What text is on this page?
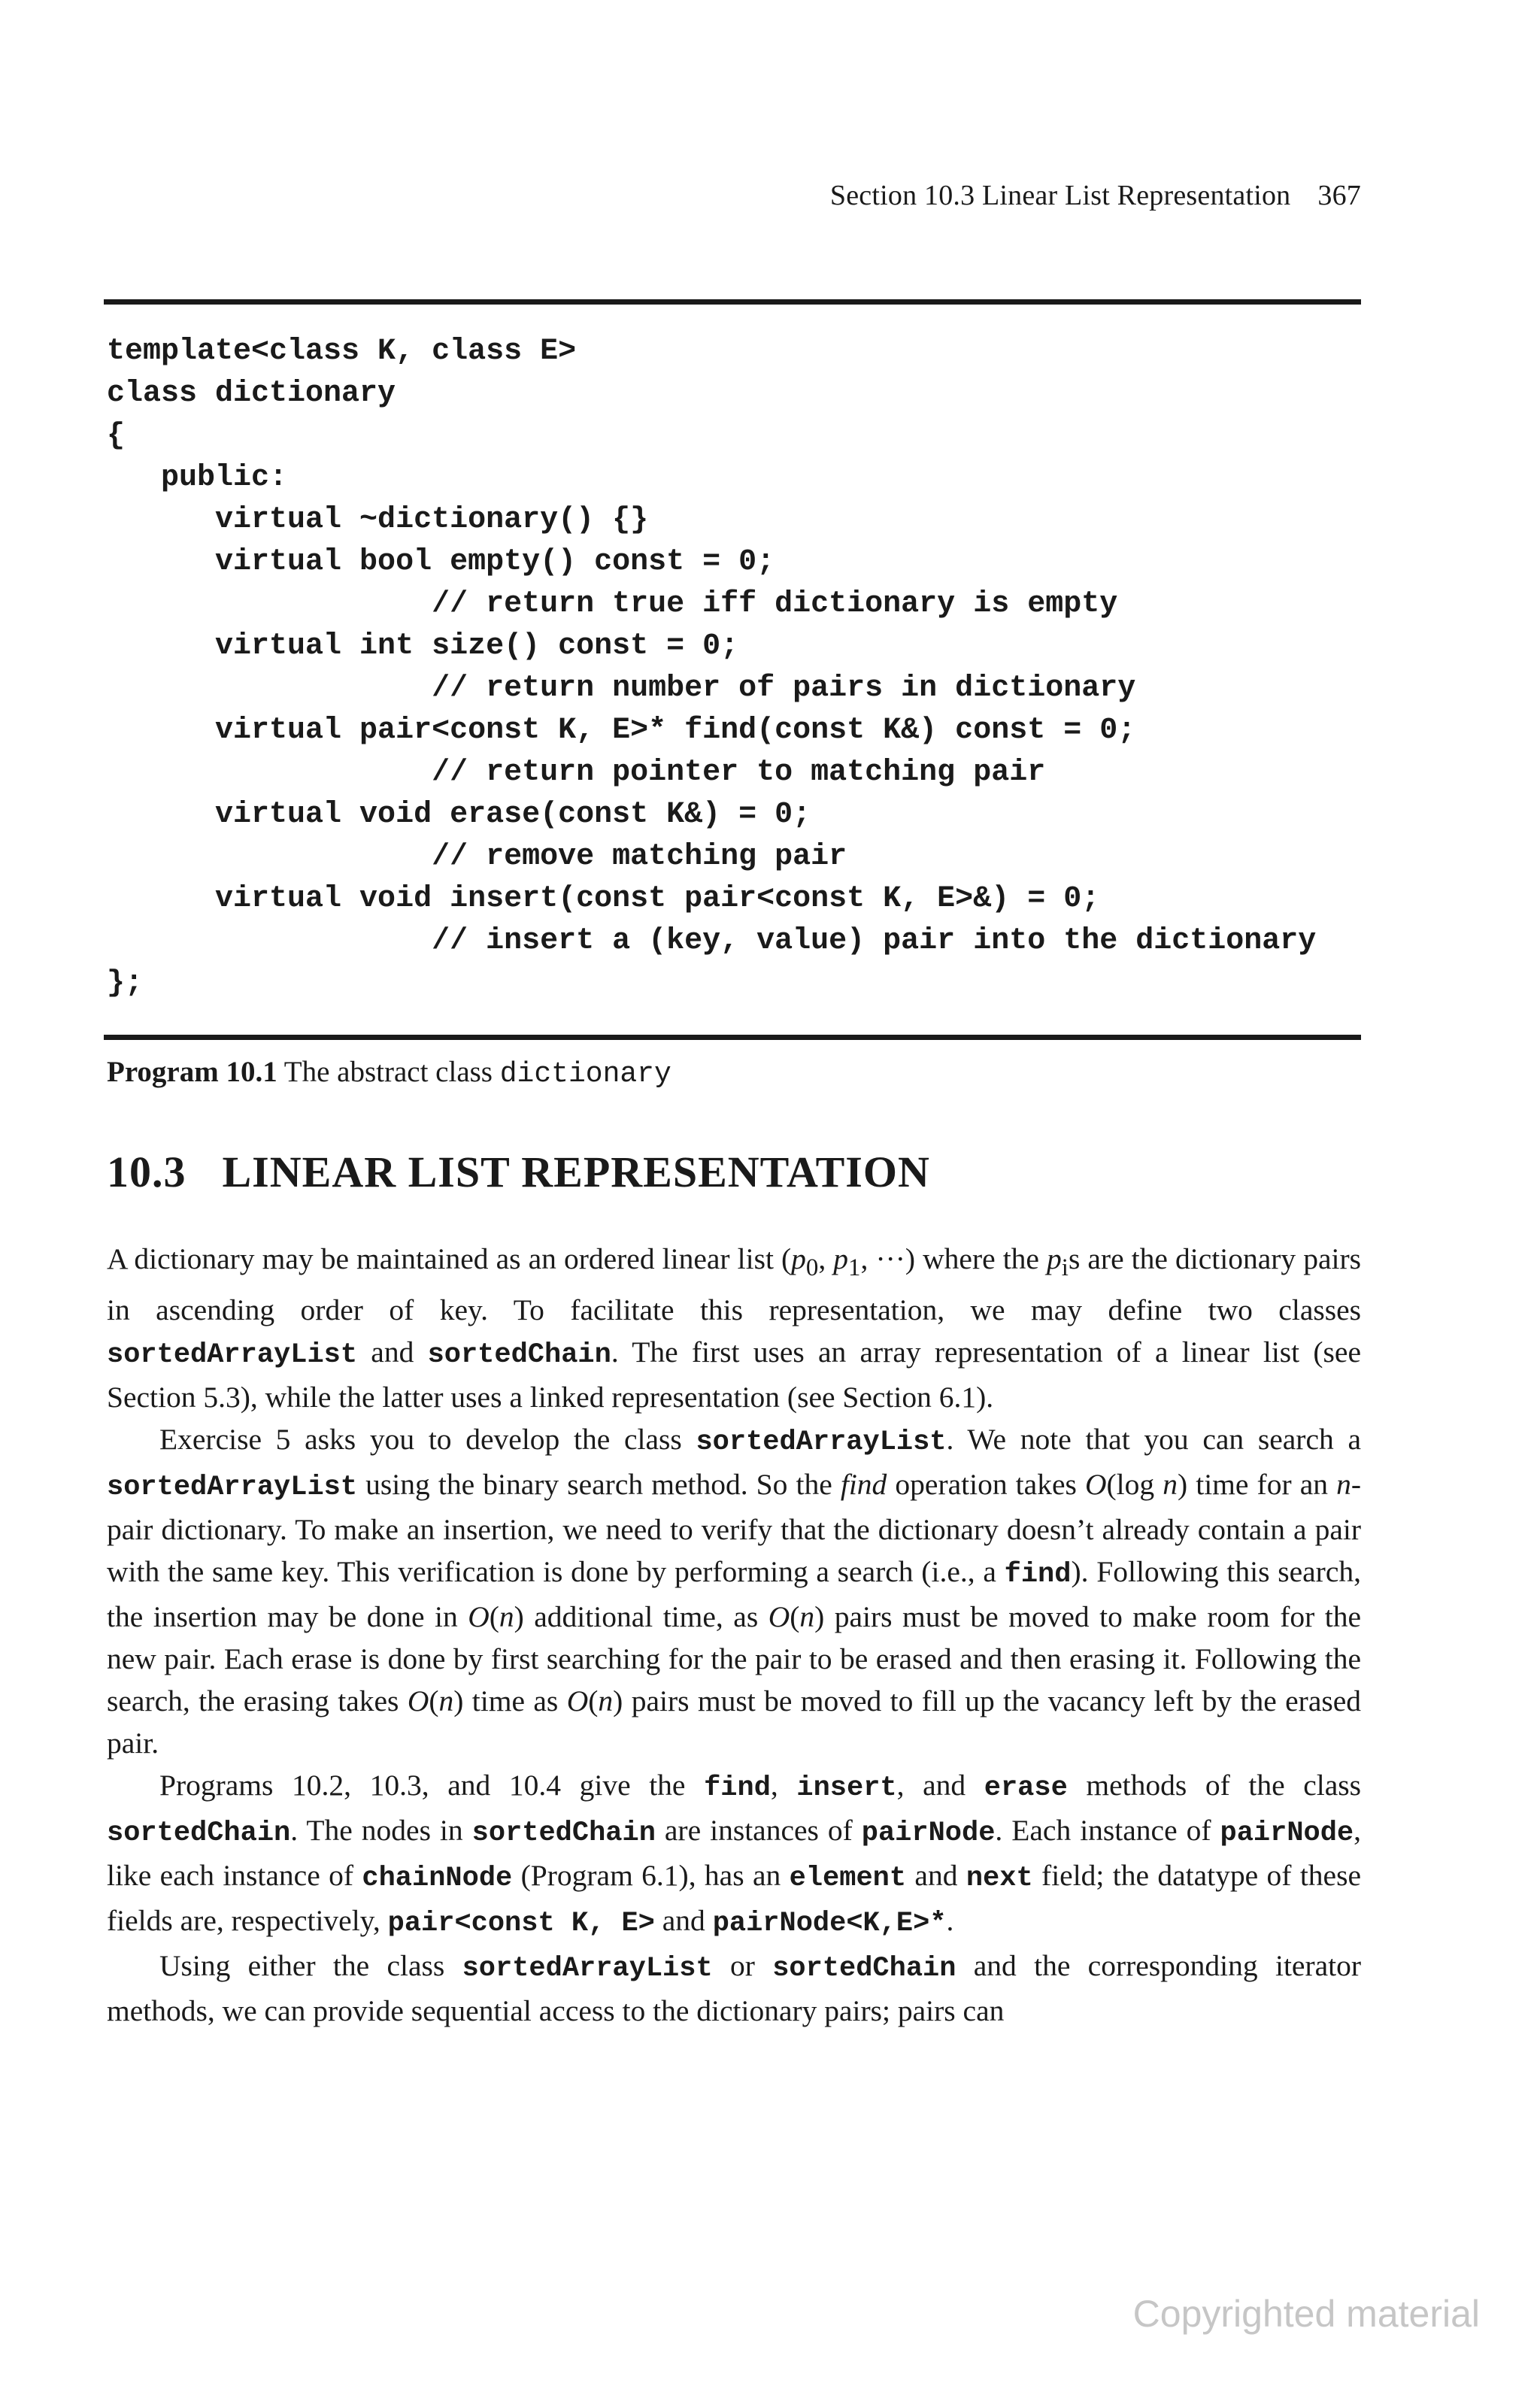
Section 10.3 Linear List Representation 367
template<class K, class E>
class dictionary
{
public:
virtual ~dictionary() {}
virtual bool empty() const = 0;
// return true iff dictionary is empty
virtual int size() const = 0;
// return number of pairs in dictionary
virtual pair<const K, E>* find(const K&) const = 0;
// return pointer to matching pair
virtual void erase(const K&) = 0;
// remove matching pair
virtual void insert(const pair<const K, E>&) = 0;
// insert a (key, value) pair into the dictionary
};
Program 10.1 The abstract class dictionary
10.3 LINEAR LIST REPRESENTATION

A dictionary may be maintained as an ordered linear list ($p_0$, $p_1$, ···) where the $p_is$ are the dictionary pairs in ascending order of key. To facilitate this representation, we may define two classes sortedArrayList and sortedChain. The first uses an array representation of a linear list (see Section 5.3), while the latter uses a linked representation (see Section 6.1).

Exercise 5 asks you to develop the class sortedArrayList. We note that you can search a sortedArrayList using the binary search method. So the find operation takes O(log n) time for an n-pair dictionary. To make an insertion, we need to verify that the dictionary doesn’t already contain a pair with the same key. This verification is done by performing a search (i.e., a find). Following this search, the insertion may be done in O(n) additional time, as O(n) pairs must be moved to make room for the new pair. Each erase is done by first searching for the pair to be erased and then erasing it. Following the search, the erasing takes O(n) time as O(n) pairs must be moved to fill up the vacancy left by the erased pair.

Programs 10.2, 10.3, and 10.4 give the find, insert, and erase methods of the class sortedChain. The nodes in sortedChain are instances of pairNode. Each instance of pairNode, like each instance of chainNode (Program 6.1), has an element and next field; the datatype of these fields are, respectively, pair<const K, E> and pairNode<K,E>*.

Using either the class sortedArrayList or sortedChain and the corresponding iterator methods, we can provide sequential access to the dictionary pairs; pairs can

Copyrighted material
